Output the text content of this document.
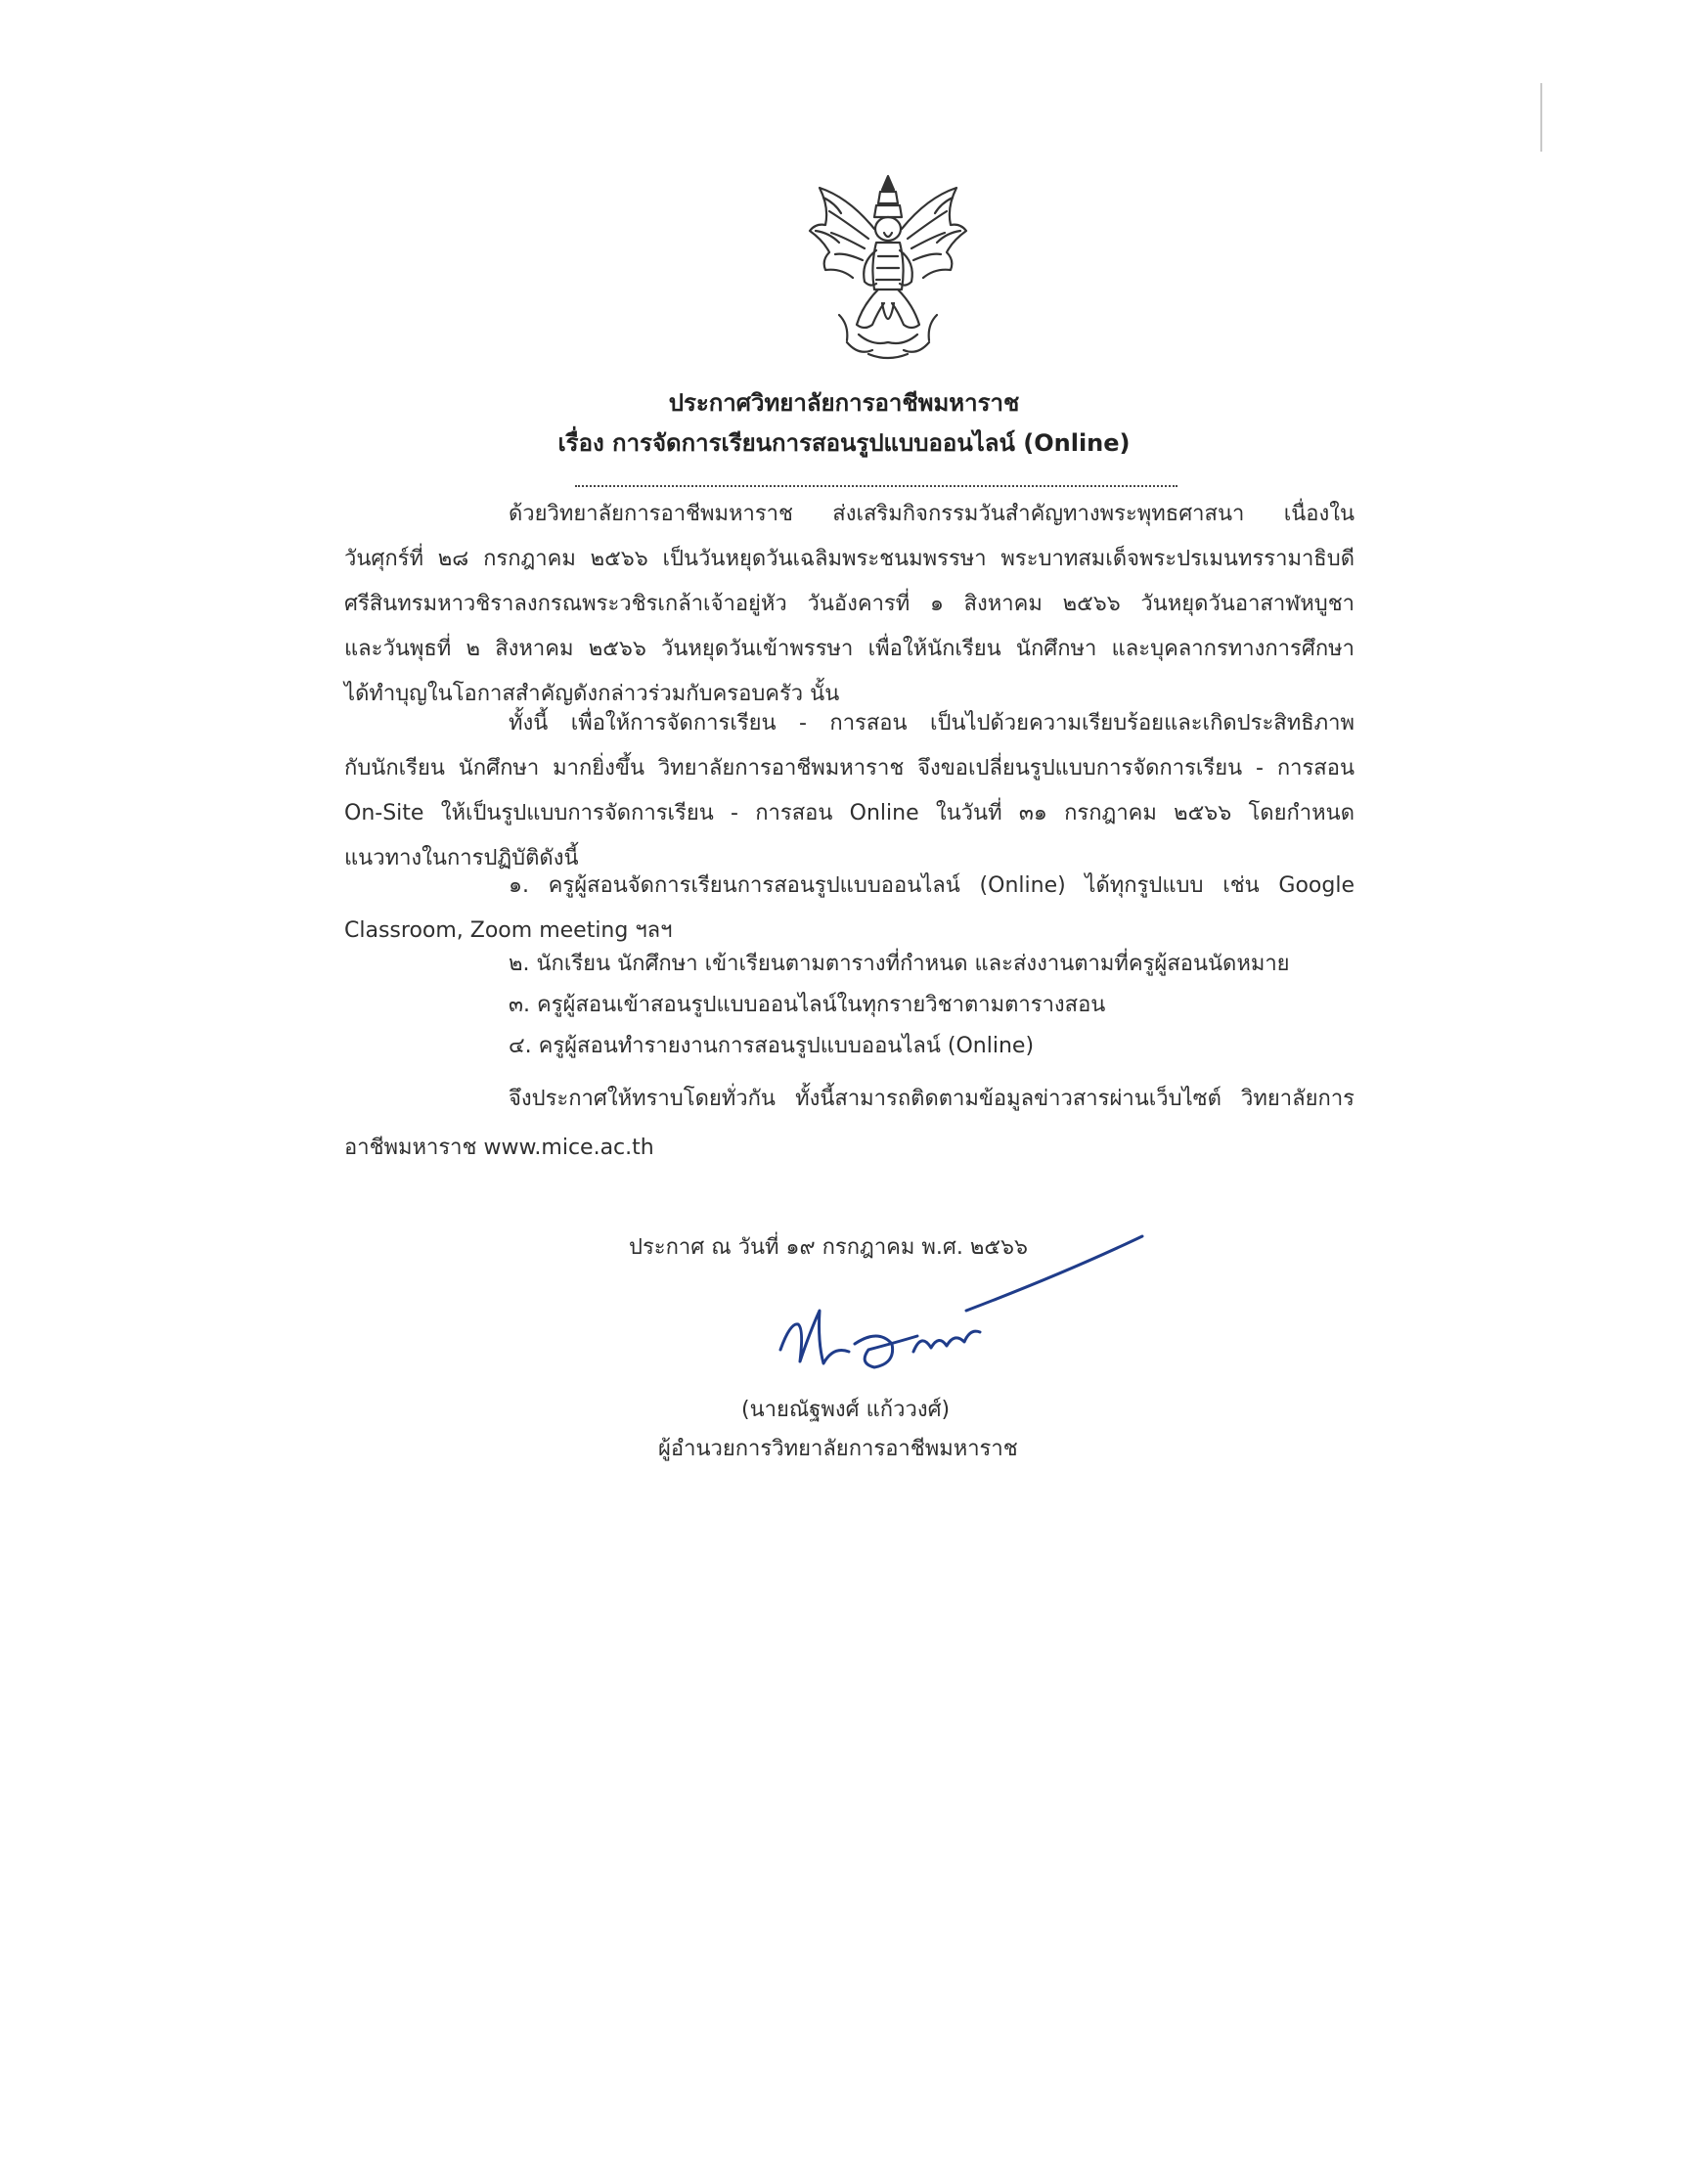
ประกาศวิทยาลัยการอาชีพมหาราช
เรื่อง การจัดการเรียนการสอนรูปแบบออนไลน์ (Online)
ด้วยวิทยาลัยการอาชีพมหาราช ส่งเสริมกิจกรรมวันสำคัญทางพระพุทธศาสนา เนื่องใน
วันศุกร์ที่ ๒๘ กรกฎาคม ๒๕๖๖ เป็นวันหยุดวันเฉลิมพระชนมพรรษา พระบาทสมเด็จพระปรเมนทรรามาธิบดี
ศรีสินทรมหาวชิราลงกรณพระวชิรเกล้าเจ้าอยู่หัว วันอังคารที่ ๑ สิงหาคม ๒๕๖๖ วันหยุดวันอาสาฬหบูชา
และวันพุธที่ ๒ สิงหาคม ๒๕๖๖ วันหยุดวันเข้าพรรษา เพื่อให้นักเรียน นักศึกษา และบุคลากรทางการศึกษา
ได้ทำบุญในโอกาสสำคัญดังกล่าวร่วมกับครอบครัว นั้น
ทั้งนี้ เพื่อให้การจัดการเรียน - การสอน เป็นไปด้วยความเรียบร้อยและเกิดประสิทธิภาพ
กับนักเรียน นักศึกษา มากยิ่งขึ้น วิทยาลัยการอาชีพมหาราช จึงขอเปลี่ยนรูปแบบการจัดการเรียน - การสอน
On-Site ให้เป็นรูปแบบการจัดการเรียน - การสอน Online ในวันที่ ๓๑ กรกฎาคม ๒๕๖๖ โดยกำหนด
แนวทางในการปฏิบัติดังนี้
๑. ครูผู้สอนจัดการเรียนการสอนรูปแบบออนไลน์ (Online) ได้ทุกรูปแบบ เช่น Google
Classroom, Zoom meeting ฯลฯ
๒. นักเรียน นักศึกษา เข้าเรียนตามตารางที่กำหนด และส่งงานตามที่ครูผู้สอนนัดหมาย
๓. ครูผู้สอนเข้าสอนรูปแบบออนไลน์ในทุกรายวิชาตามตารางสอน
๔. ครูผู้สอนทำรายงานการสอนรูปแบบออนไลน์ (Online)
จึงประกาศให้ทราบโดยทั่วกัน ทั้งนี้สามารถติดตามข้อมูลข่าวสารผ่านเว็บไซต์ วิทยาลัยการ
อาชีพมหาราช www.mice.ac.th
ประกาศ ณ วันที่ ๑๙ กรกฎาคม พ.ศ. ๒๕๖๖
(นายณัฐพงศ์ แก้ววงศ์)
ผู้อำนวยการวิทยาลัยการอาชีพมหาราช
